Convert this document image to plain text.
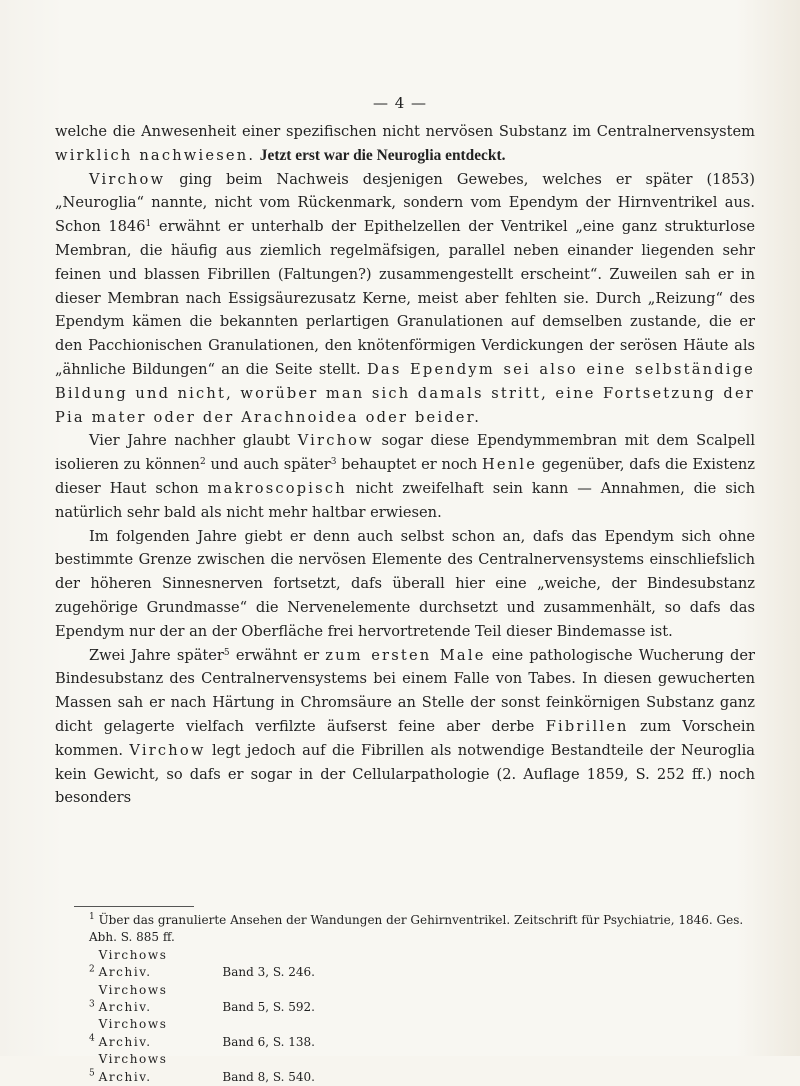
— 4 —

welche die Anwesenheit einer spezifischen nicht nervösen Substanz im Centralnervensystem wirklich nachwiesen. Jetzt erst war die Neuroglia entdeckt.

Virchow ging beim Nachweis desjenigen Gewebes, welches er später (1853) „Neuroglia“ nannte, nicht vom Rückenmark, sondern vom Ependym der Hirnventrikel aus. Schon 1846$^1$ erwähnt er unterhalb der Epithelzellen der Ventrikel „eine ganz strukturlose Membran, die häufig aus ziemlich regelmäfsigen, parallel neben einander liegenden sehr feinen und blassen Fibrillen (Faltungen?) zusammengestellt erscheint“. Zuweilen sah er in dieser Membran nach Essigsäurezusatz Kerne, meist aber fehlten sie. Durch „Reizung“ des Ependym kämen die bekannten perlartigen Granulationen auf demselben zustande, die er den Pacchionischen Granulationen, den knötenförmigen Verdickungen der serösen Häute als „ähnliche Bildungen“ an die Seite stellt. Das Ependym sei also eine selbständige Bildung und nicht, worüber man sich damals stritt, eine Fortsetzung der Pia mater oder der Arachnoidea oder beider.

Vier Jahre nachher glaubt Virchow sogar diese Ependymmembran mit dem Scalpell isolieren zu können$^2$ und auch später$^3$ behauptet er noch Henle gegenüber, dafs die Existenz dieser Haut schon makroscopisch nicht zweifelhaft sein kann — Annahmen, die sich natürlich sehr bald als nicht mehr haltbar erwiesen.

Im folgenden Jahre giebt er denn auch selbst schon an, dafs das Ependym sich ohne bestimmte Grenze zwischen die nervösen Elemente des Centralnervensystems einschliefslich der höheren Sinnesnerven fortsetzt, dafs überall hier eine „weiche, der Bindesubstanz zugehörige Grundmasse“ die Nervenelemente durchsetzt und zusammenhält, so dafs das Ependym nur der an der Oberfläche frei hervortretende Teil dieser Bindemasse ist.

Zwei Jahre später$^5$ erwähnt er zum ersten Male eine pathologische Wucherung der Bindesubstanz des Centralnervensystems bei einem Falle von Tabes. In diesen gewucherten Massen sah er nach Härtung in Chromsäure an Stelle der sonst feinkörnigen Substanz ganz dicht gelagerte vielfach verfilzte äufserst feine aber derbe Fibrillen zum Vorschein kommen. Virchow legt jedoch auf die Fibrillen als notwendige Bestandteile der Neuroglia kein Gewicht, so dafs er sogar in der Cellularpathologie (2. Auflage 1859, S. 252 ff.) noch besonders

$^1$ Über das granulierte Ansehen der Wandungen der Gehirnventrikel. Zeitschrift für Psychiatrie, 1846. Ges. Abh. S. 885 ff.

$^2$ Virchows Archiv.	Band 3, S. 246.

$^3$ Virchows Archiv.	Band 5, S. 592.

$^4$ Virchows Archiv.	Band 6, S. 138.

$^5$ Virchows Archiv.	Band 8, S. 540.
